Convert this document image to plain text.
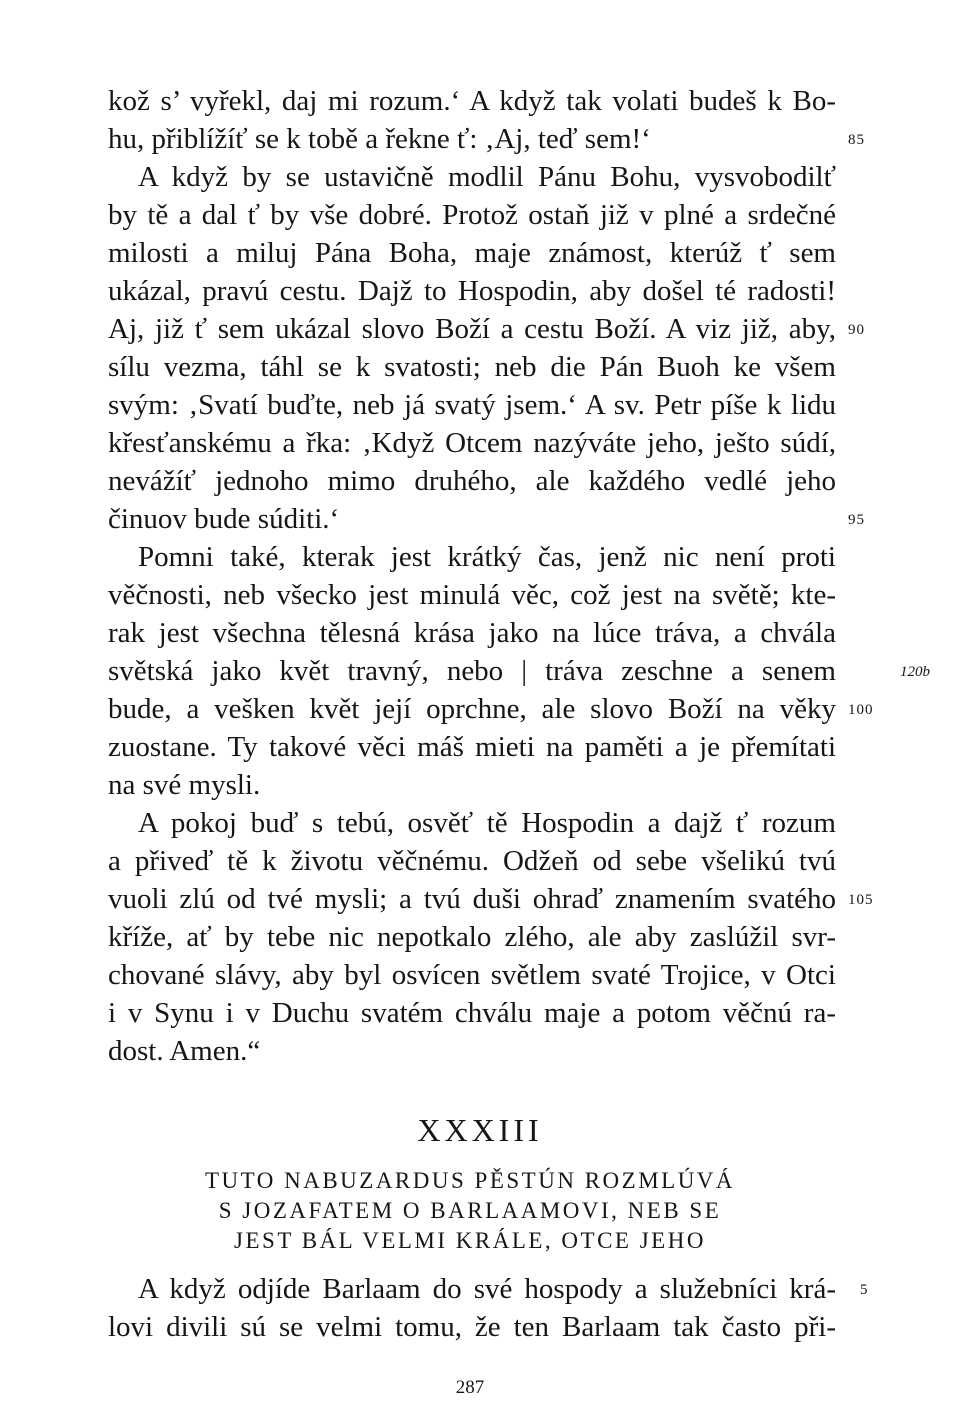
kož s’ vyřekl, daj mi rozum.‘ A když tak volati budeš k Bo-
hu, přiblížíť se k tobě a řekne ť: ‚Aj, teď sem!‘
A když by se ustavičně modlil Pánu Bohu, vysvobodilť
by tě a dal ť by vše dobré. Protož ostaň již v plné a srdečné
milosti a miluj Pána Boha, maje známost, kterúž ť sem
ukázal, pravú cestu. Dajž to Hospodin, aby došel té radosti!
Aj, již ť sem ukázal slovo Boží a cestu Boží. A viz již, aby,
sílu vezma, táhl se k svatosti; neb die Pán Buoh ke všem
svým: ‚Svatí buďte, neb já svatý jsem.‘ A sv. Petr píše k lidu
křesťanskému a řka: ‚Když Otcem nazýváte jeho, ješto súdí,
nevážíť jednoho mimo druhého, ale každého vedlé jeho
činuov bude súditi.‘
Pomni také, kterak jest krátký čas, jenž nic není proti
věčnosti, neb všecko jest minulá věc, což jest na světě; kte-
rak jest všechna tělesná krása jako na lúce tráva, a chvála
světská jako květ travný, nebo | tráva zeschne a senem
bude, a vešken květ její oprchne, ale slovo Boží na věky
zuostane. Ty takové věci máš mieti na paměti a je přemítati
na své mysli.
A pokoj buď s tebú, osvěť tě Hospodin a dajž ť rozum
a přiveď tě k životu věčnému. Odžeň od sebe všelikú tvú
vuoli zlú od tvé mysli; a tvú duši ohraď znamením svatého
kříže, ať by tebe nic nepotkalo zlého, ale aby zaslúžil svr-
chované slávy, aby byl osvícen světlem svaté Trojice, v Otci
i v Synu i v Duchu svatém chválu maje a potom věčnú ra-
dost. Amen.“
85
90
95
100
105
120b
XXXIII
TUTO NABUZARDUS PĚSTÚN ROZMLÚVÁ
S JOZAFATEM O BARLAAMOVI, NEB SE
JEST BÁL VELMI KRÁLE, OTCE JEHO
A když odjíde Barlaam do své hospody a služebníci krá-
lovi divili sú se velmi tomu, že ten Barlaam tak často při-
5
287
